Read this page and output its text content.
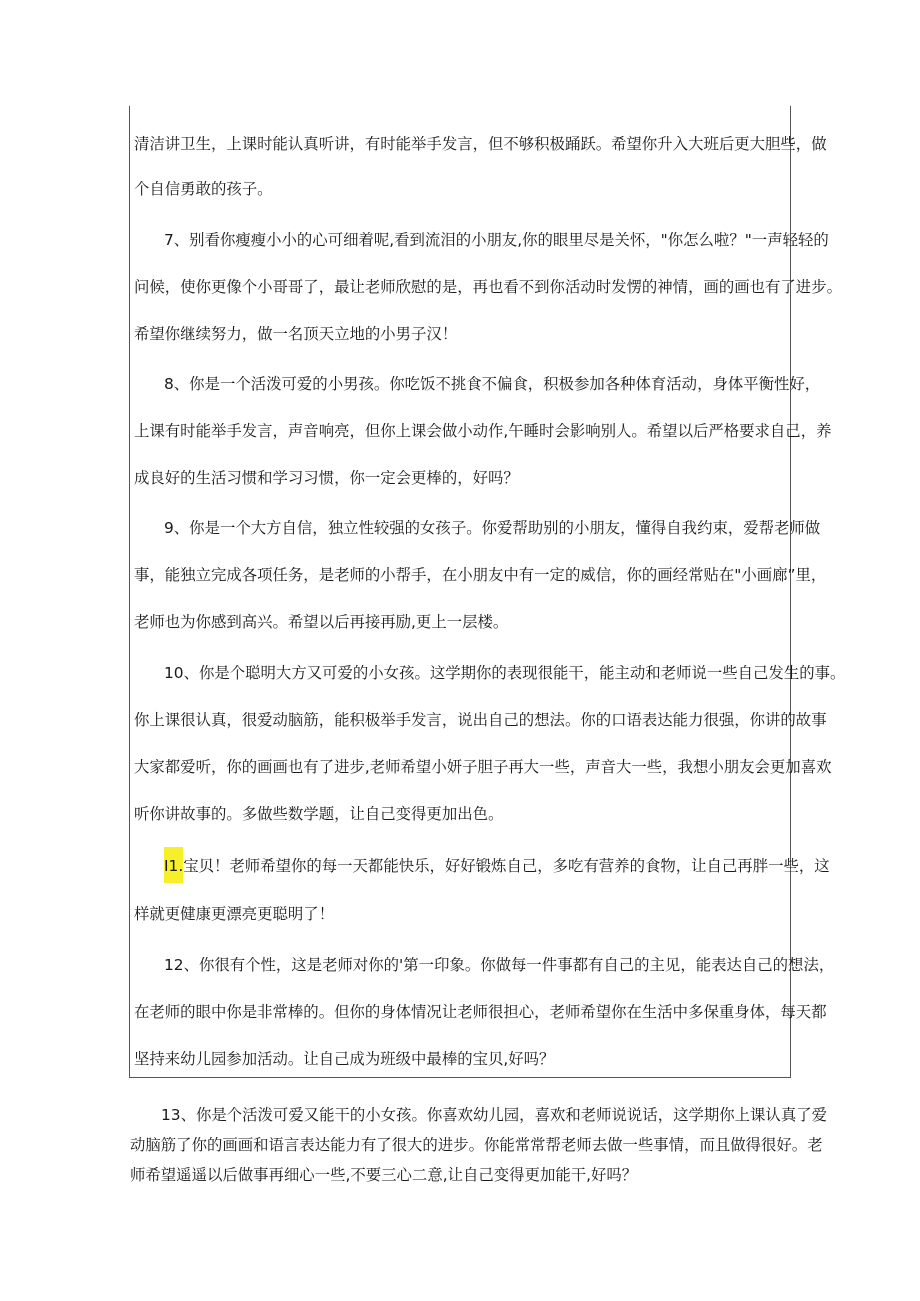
清洁讲卫生，上课时能认真听讲，有时能举手发言，但不够积极踊跃。希望你升入大班后更大胆些，做
个自信勇敢的孩子。
7、别看你瘦瘦小小的心可细着呢,看到流泪的小朋友,你的眼里尽是关怀，"你怎么啦？"一声轻轻的
问候，使你更像个小哥哥了，最让老师欣慰的是，再也看不到你活动时发愣的神情，画的画也有了进步。
希望你继续努力，做一名顶天立地的小男子汉！
8、你是一个活泼可爱的小男孩。你吃饭不挑食不偏食，积极参加各种体育活动，身体平衡性好，
上课有时能举手发言，声音响亮，但你上课会做小动作,午睡时会影响别人。希望以后严格要求自己，养
成良好的生活习惯和学习习惯，你一定会更棒的，好吗？
9、你是一个大方自信，独立性较强的女孩子。你爱帮助别的小朋友，懂得自我约束，爱帮老师做
事，能独立完成各项任务，是老师的小帮手，在小朋友中有一定的威信，你的画经常贴在"小画廊”里，
老师也为你感到高兴。希望以后再接再励,更上一层楼。
10、你是个聪明大方又可爱的小女孩。这学期你的表现很能干，能主动和老师说一些自己发生的事。
你上课很认真，很爱动脑筋，能积极举手发言，说出自己的想法。你的口语表达能力很强，你讲的故事
大家都爱听，你的画画也有了进步,老师希望小妍子胆子再大一些，声音大一些，我想小朋友会更加喜欢
听你讲故事的。多做些数学题，让自己变得更加出色。
I1.宝贝！老师希望你的每一天都能快乐，好好锻炼自己，多吃有营养的食物，让自己再胖一些，这
样就更健康更漂亮更聪明了！
12、你很有个性，这是老师对你的'第一印象。你做每一件事都有自己的主见，能表达自己的想法，
在老师的眼中你是非常棒的。但你的身体情况让老师很担心，老师希望你在生活中多保重身体，每天都
坚持来幼儿园参加活动。让自己成为班级中最棒的宝贝,好吗？
13、你是个活泼可爱又能干的小女孩。你喜欢幼儿园，喜欢和老师说说话，这学期你上课认真了爱
动脑筋了你的画画和语言表达能力有了很大的进步。你能常常帮老师去做一些事情，而且做得很好。老
师希望遥遥以后做事再细心一些,不要三心二意,让自己变得更加能干,好吗？
